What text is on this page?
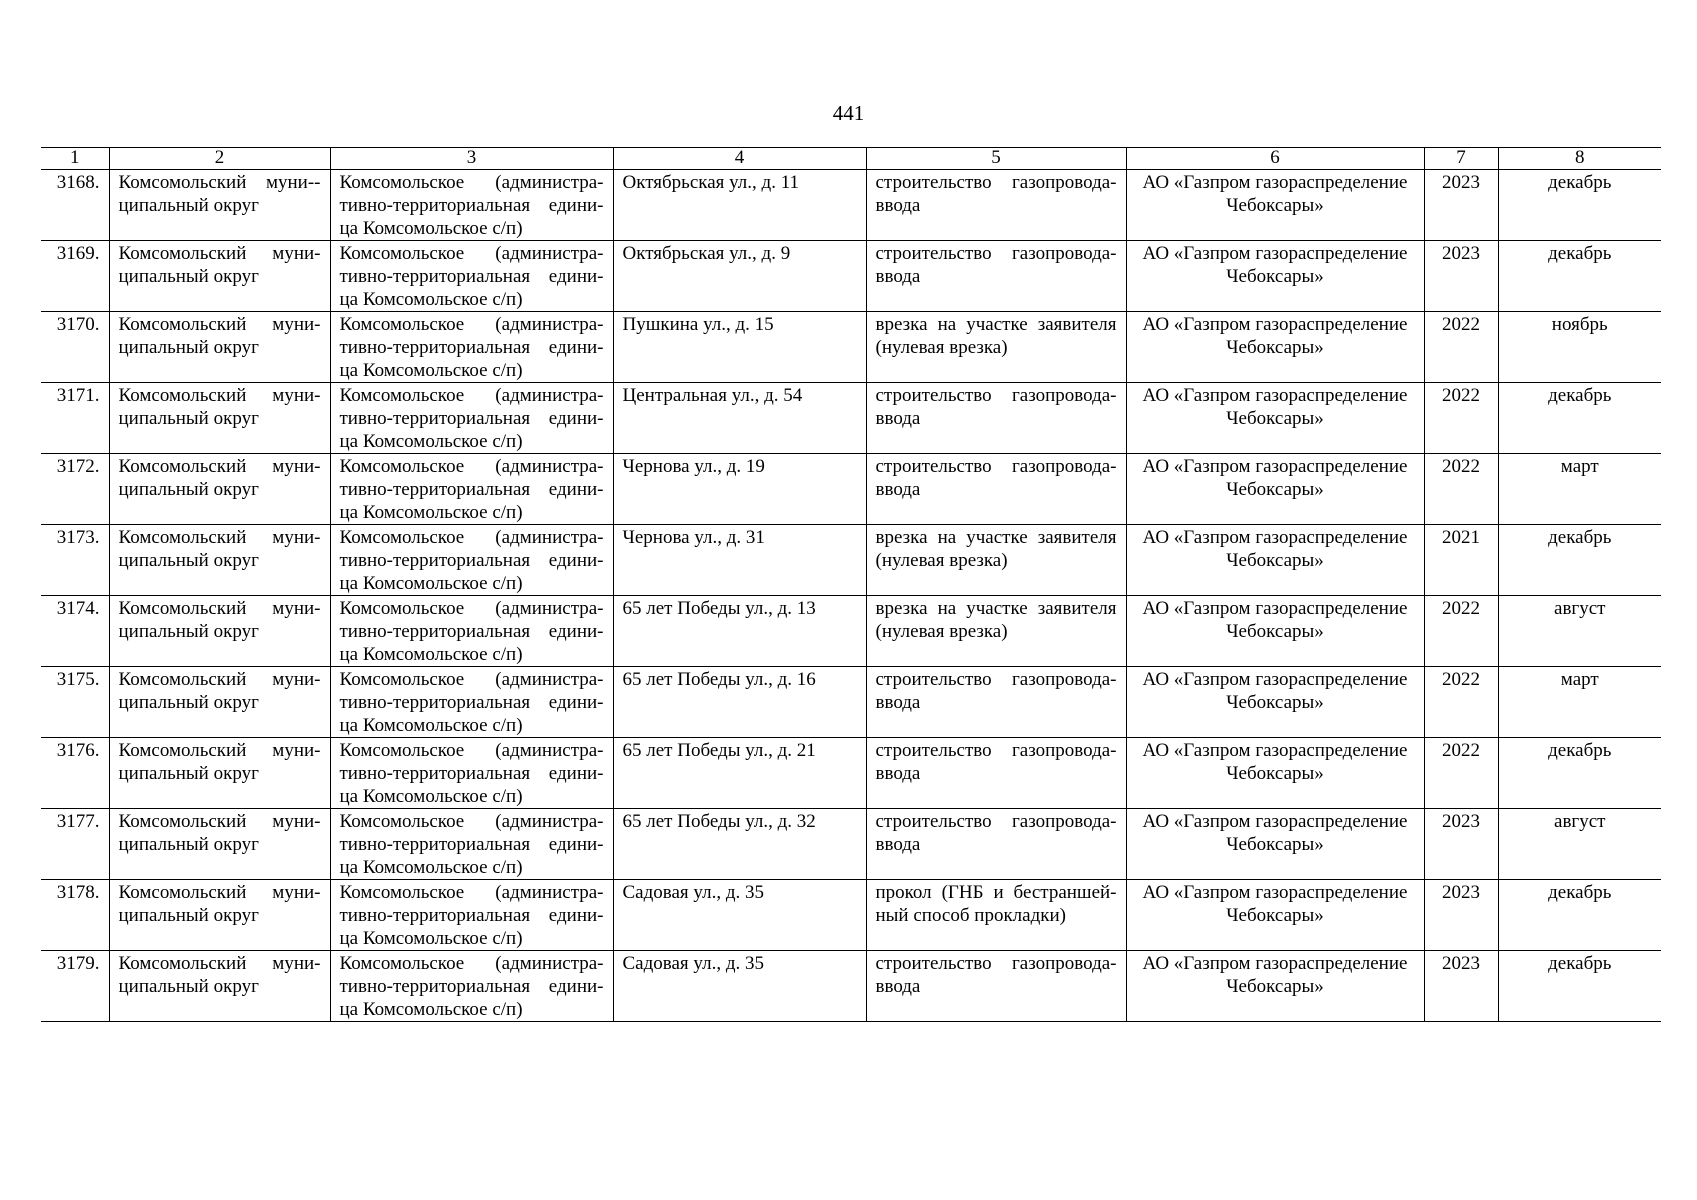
441
1	2	3	4	5	6	7	8
3168.	Комсомольский муни-ципальный округ	Комсомольское (администра-тивно-территориальная едини-ца Комсомольское с/п)	Октябрьская ул., д. 11	строительство газопровода-ввода	АО «Газпром газораспределение Чебоксары»	2023	декабрь
3169.	Комсомольский муни-ципальный округ	Комсомольское (администра-тивно-территориальная едини-ца Комсомольское с/п)	Октябрьская ул., д. 9	строительство газопровода-ввода	АО «Газпром газораспределение Чебоксары»	2023	декабрь
3170.	Комсомольский муни-ципальный округ	Комсомольское (администра-тивно-территориальная едини-ца Комсомольское с/п)	Пушкина ул., д. 15	врезка на участке заявителя (нулевая врезка)	АО «Газпром газораспределение Чебоксары»	2022	ноябрь
3171.	Комсомольский муни-ципальный округ	Комсомольское (администра-тивно-территориальная едини-ца Комсомольское с/п)	Центральная ул., д. 54	строительство газопровода-ввода	АО «Газпром газораспределение Чебоксары»	2022	декабрь
3172.	Комсомольский муни-ципальный округ	Комсомольское (администра-тивно-территориальная едини-ца Комсомольское с/п)	Чернова ул., д. 19	строительство газопровода-ввода	АО «Газпром газораспределение Чебоксары»	2022	март
3173.	Комсомольский муни-ципальный округ	Комсомольское (администра-тивно-территориальная едини-ца Комсомольское с/п)	Чернова ул., д. 31	врезка на участке заявителя (нулевая врезка)	АО «Газпром газораспределение Чебоксары»	2021	декабрь
3174.	Комсомольский муни-ципальный округ	Комсомольское (администра-тивно-территориальная едини-ца Комсомольское с/п)	65 лет Победы ул., д. 13	врезка на участке заявителя (нулевая врезка)	АО «Газпром газораспределение Чебоксары»	2022	август
3175.	Комсомольский муни-ципальный округ	Комсомольское (администра-тивно-территориальная едини-ца Комсомольское с/п)	65 лет Победы ул., д. 16	строительство газопровода-ввода	АО «Газпром газораспределение Чебоксары»	2022	март
3176.	Комсомольский муни-ципальный округ	Комсомольское (администра-тивно-территориальная едини-ца Комсомольское с/п)	65 лет Победы ул., д. 21	строительство газопровода-ввода	АО «Газпром газораспределение Чебоксары»	2022	декабрь
3177.	Комсомольский муни-ципальный округ	Комсомольское (администра-тивно-территориальная едини-ца Комсомольское с/п)	65 лет Победы ул., д. 32	строительство газопровода-ввода	АО «Газпром газораспределение Чебоксары»	2023	август
3178.	Комсомольский муни-ципальный округ	Комсомольское (администра-тивно-территориальная едини-ца Комсомольское с/п)	Садовая ул., д. 35	прокол (ГНБ и бестраншей-ный способ прокладки)	АО «Газпром газораспределение Чебоксары»	2023	декабрь
3179.	Комсомольский муни-ципальный округ	Комсомольское (администра-тивно-территориальная едини-ца Комсомольское с/п)	Садовая ул., д. 35	строительство газопровода-ввода	АО «Газпром газораспределение Чебоксары»	2023	декабрь
